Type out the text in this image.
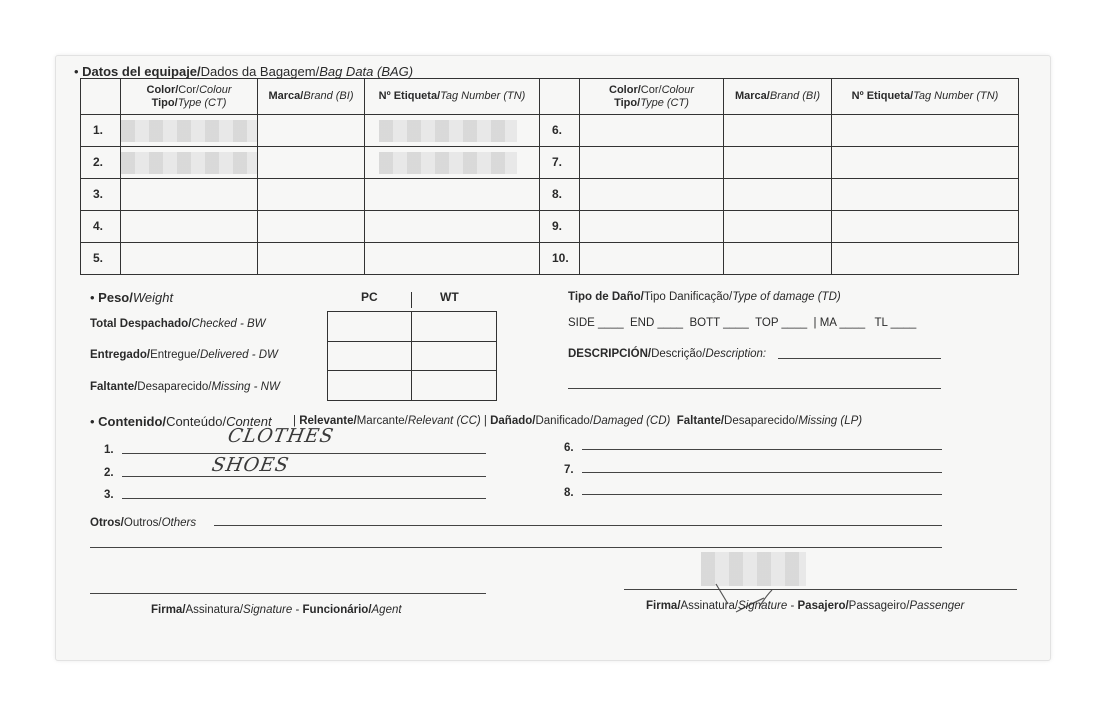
• Datos del equipaje/Dados da Bagagem/Bag Data (BAG)
	Color/Cor/Colour
Tipo/Type (CT)	Marca/Brand (BI)	Nº Etiqueta/Tag Number (TN)		Color/Cor/Colour
Tipo/Type (CT)	Marca/Brand (BI)	Nº Etiqueta/Tag Number (TN)
1.				6.			
2.				7.			
3.				8.			
4.				9.			
5.				10.			
• Peso/Weight	PC	WT
Total Despachado/Checked - BW
Entregado/Entregue/Delivered - DW
Faltante/Desaparecido/Missing - NW
Tipo de Daño/Tipo Danificação/Type of damage (TD)
SIDE ____  END ____  BOTT ____  TOP ____  | MA ____   TL ____
DESCRIPCIÓN/Descrição/Description:
• Contenido/Conteúdo/Content | Relevante/Marcante/Relevant (CC) | Dañado/Danificado/Damaged (CD) Faltante/Desaparecido/Missing (LP)
1.
CLOTHES
2.	SHOES
3.
6.
7.
8.
Otros/Outros/Others
Firma/Assinatura/Signature - Funcionário/Agent	Firma/Assinatura/Signature - Pasajero/Passageiro/Passenger
